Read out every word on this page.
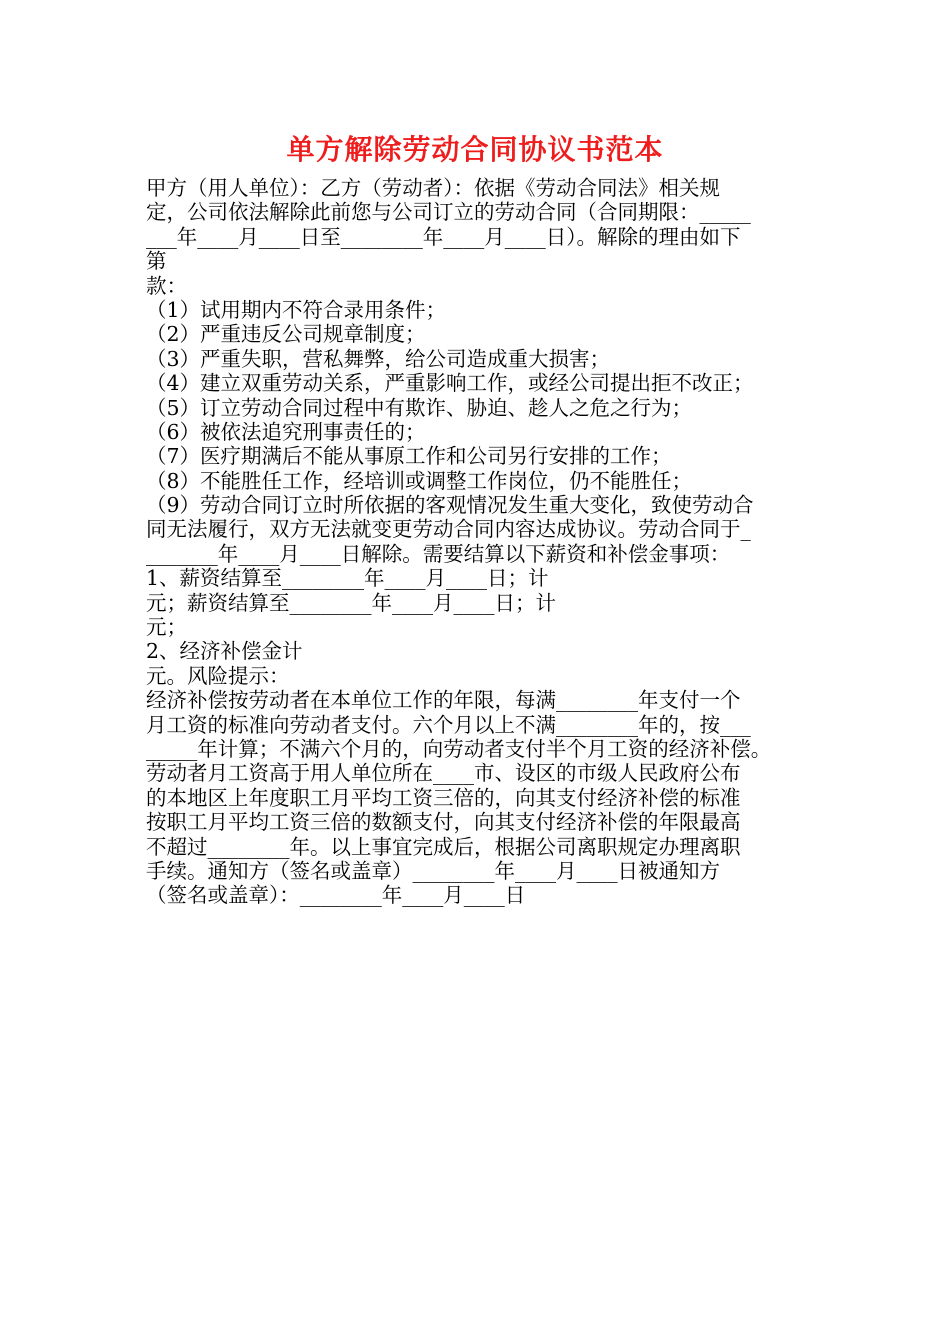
单方解除劳动合同协议书范本
甲方（用人单位）：乙方（劳动者）：依据《劳动合同法》相关规
定，公司依法解除此前您与公司订立的劳动合同（合同期限：_____
___年____月____日至________年____月____日）。解除的理由如下
第
款：
（1）试用期内不符合录用条件；
（2）严重违反公司规章制度；
（3）严重失职，营私舞弊，给公司造成重大损害；
（4）建立双重劳动关系，严重影响工作，或经公司提出拒不改正；
（5）订立劳动合同过程中有欺诈、胁迫、趁人之危之行为；
（6）被依法追究刑事责任的；
（7）医疗期满后不能从事原工作和公司另行安排的工作；
（8）不能胜任工作，经培训或调整工作岗位，仍不能胜任；
（9）劳动合同订立时所依据的客观情况发生重大变化，致使劳动合
同无法履行，双方无法就变更劳动合同内容达成协议。劳动合同于_
_______年____月____日解除。需要结算以下薪资和补偿金事项：
1、薪资结算至________年____月____日；计
元；薪资结算至________年____月____日；计
元；
2、经济补偿金计
元。风险提示：
经济补偿按劳动者在本单位工作的年限，每满________年支付一个
月工资的标准向劳动者支付。六个月以上不满________年的，按___
_____年计算；不满六个月的，向劳动者支付半个月工资的经济补偿。
劳动者月工资高于用人单位所在____市、设区的市级人民政府公布
的本地区上年度职工月平均工资三倍的，向其支付经济补偿的标准
按职工月平均工资三倍的数额支付，向其支付经济补偿的年限最高
不超过________年。以上事宜完成后，根据公司离职规定办理离职
手续。通知方（签名或盖章）________年____月____日被通知方
（签名或盖章）：________年____月____日
